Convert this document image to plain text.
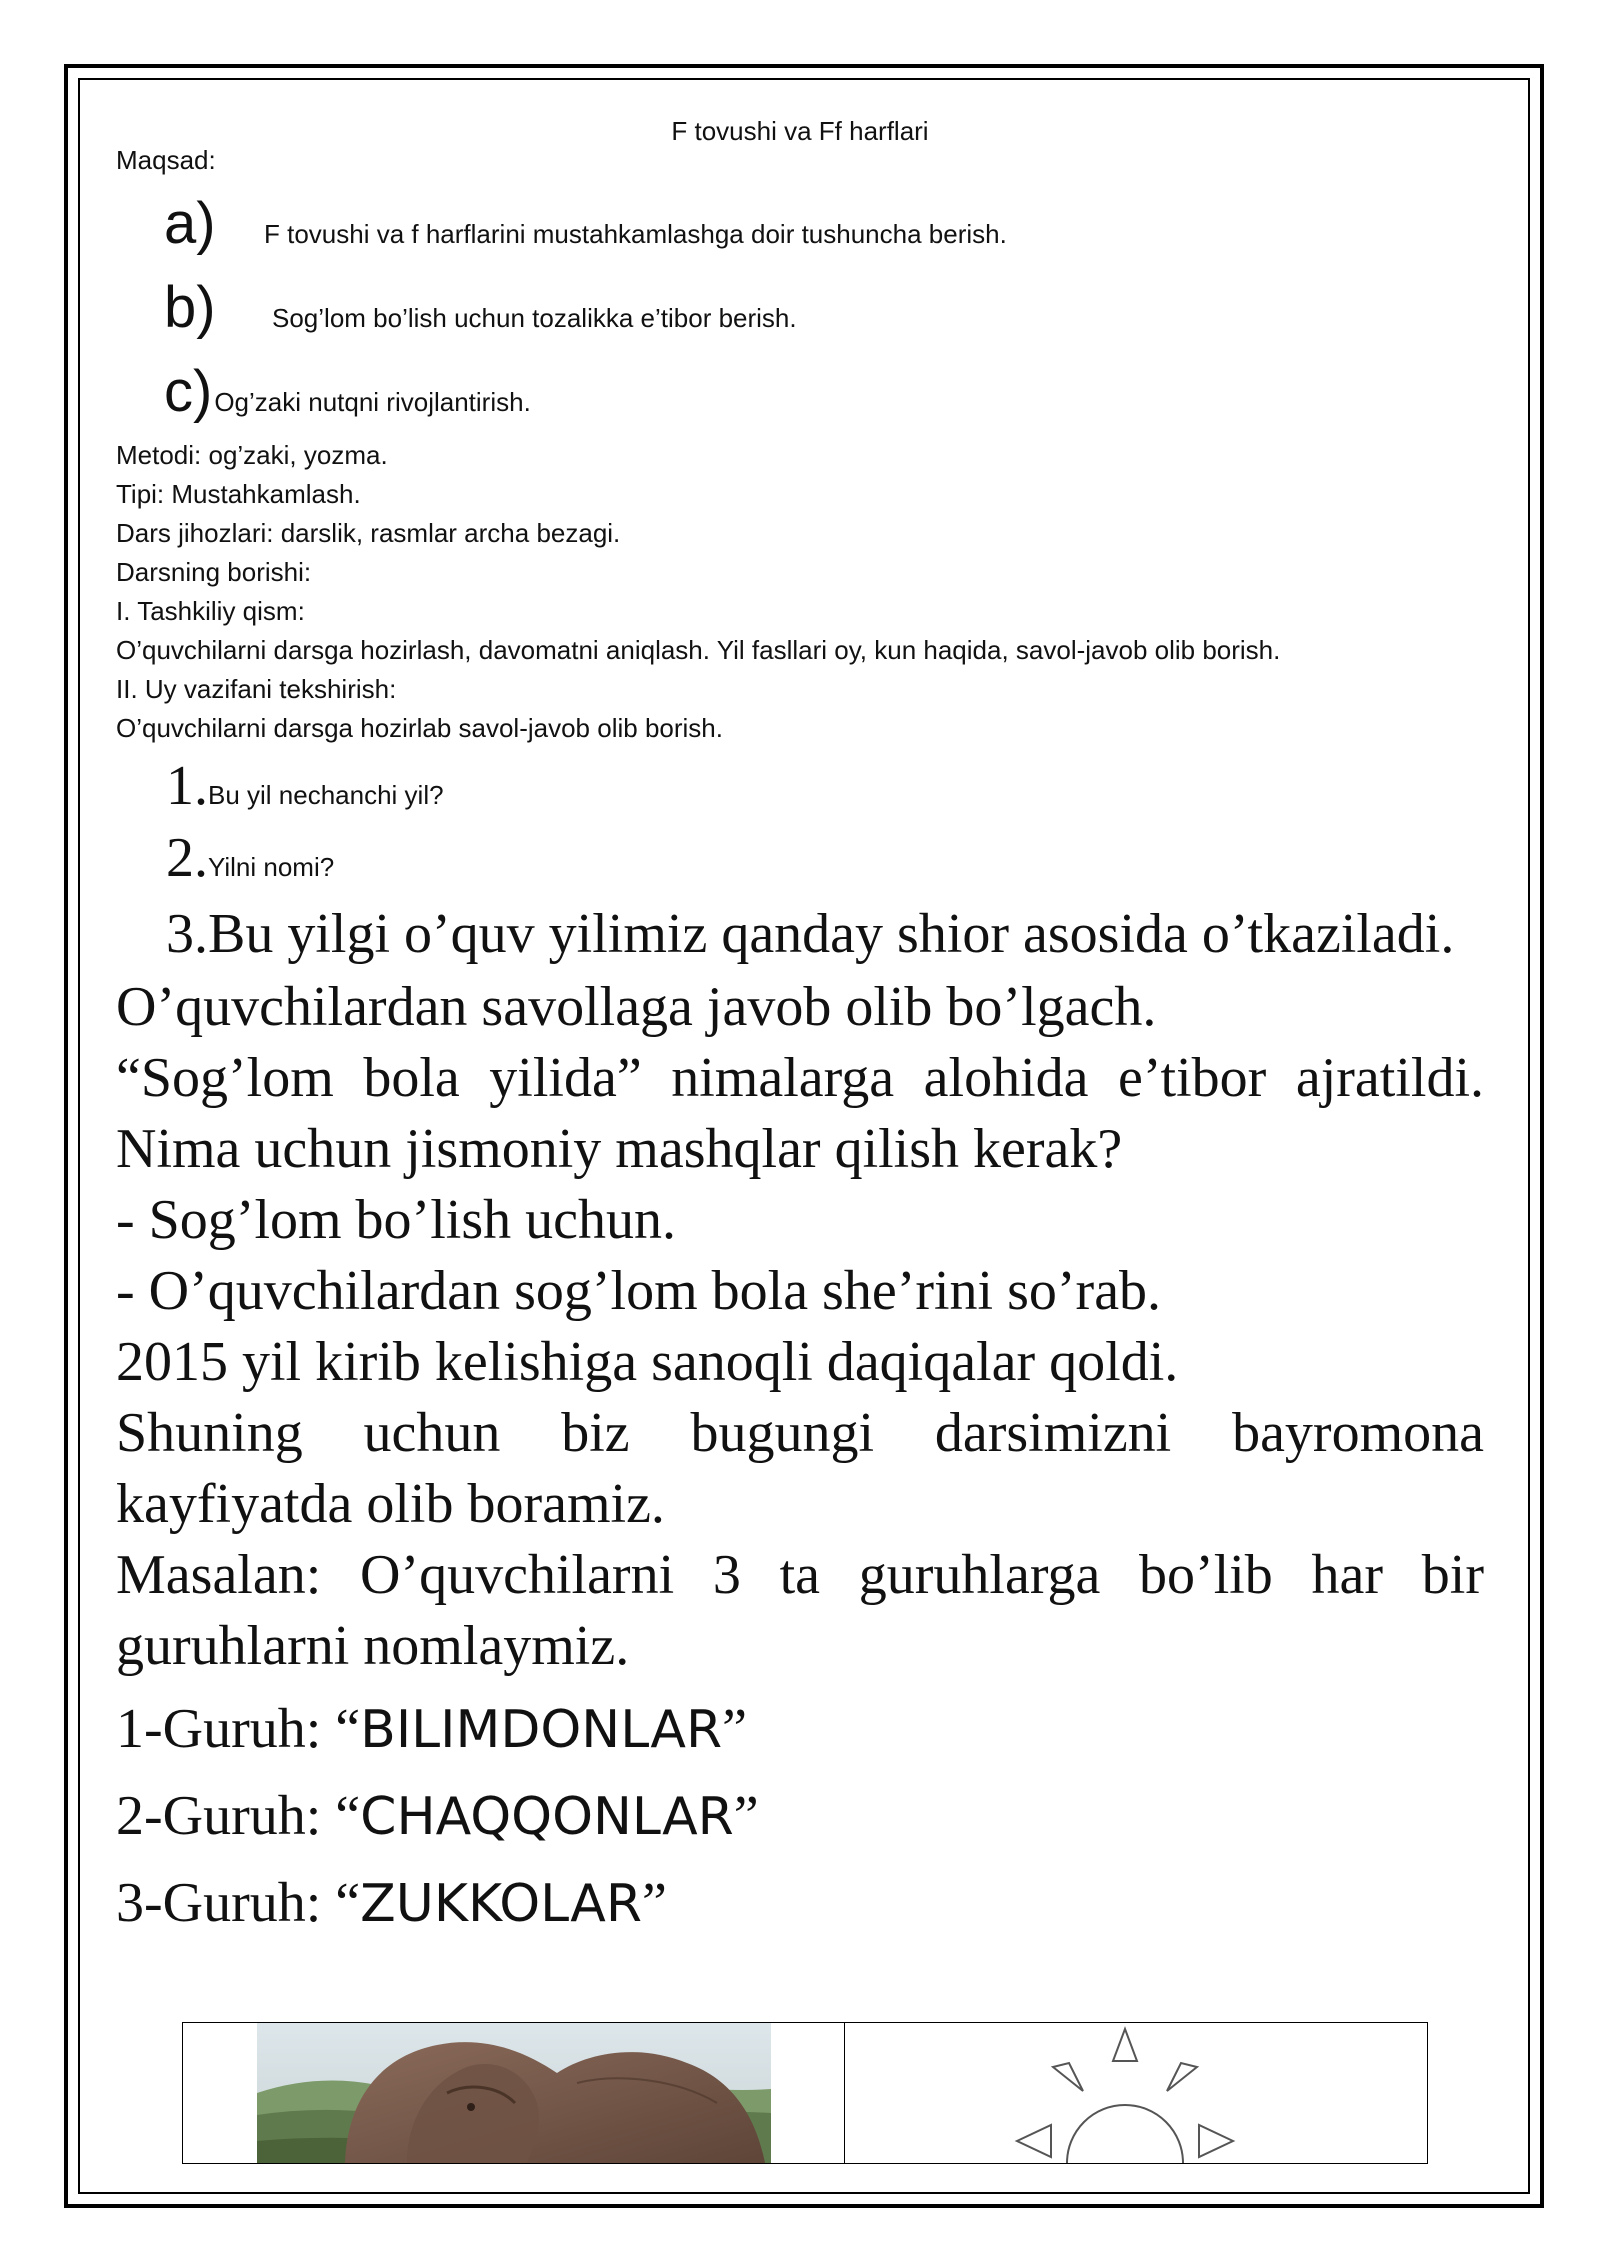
F tovushi va Ff harflari
Maqsad:
a)	F tovushi va f harflarini mustahkamlashga doir tushuncha berish.
b)	Sog’lom bo’lish uchun tozalikka e’tibor berish.
c) Og’zaki nutqni rivojlantirish.
Metodi: og’zaki, yozma.
Tipi: Mustahkamlash.
Dars jihozlari: darslik, rasmlar archa bezagi.
Darsning borishi:
I. Tashkiliy qism:
O’quvchilarni darsga hozirlash, davomatni aniqlash. Yil fasllari oy, kun haqida, savol-javob olib borish.
II. Uy vazifani tekshirish:
O’quvchilarni darsga hozirlab savol-javob olib borish.
1. Bu yil nechanchi yil?
2. Yilni nomi?
3. Bu yilgi o’quv yilimiz qanday shior asosida o’tkaziladi.
O’quvchilardan savollaga javob olib bo’lgach.
“Sog’lom bola yilida” nimalarga alohida e’tibor ajratildi. Nima uchun jismoniy mashqlar qilish kerak?
- Sog’lom bo’lish uchun.
- O’quvchilardan sog’lom bola she’rini so’rab.
2015 yil kirib kelishiga sanoqli daqiqalar qoldi.
Shuning uchun biz bugungi darsimizni bayromona kayfiyatda olib boramiz.
Masalan: O’quvchilarni 3 ta guruhlarga bo’lib har bir guruhlarni nomlaymiz.
1-Guruh: “BILIMDONLAR”
2-Guruh: “CHAQQONLAR”
3-Guruh: “ZUKKOLAR”
